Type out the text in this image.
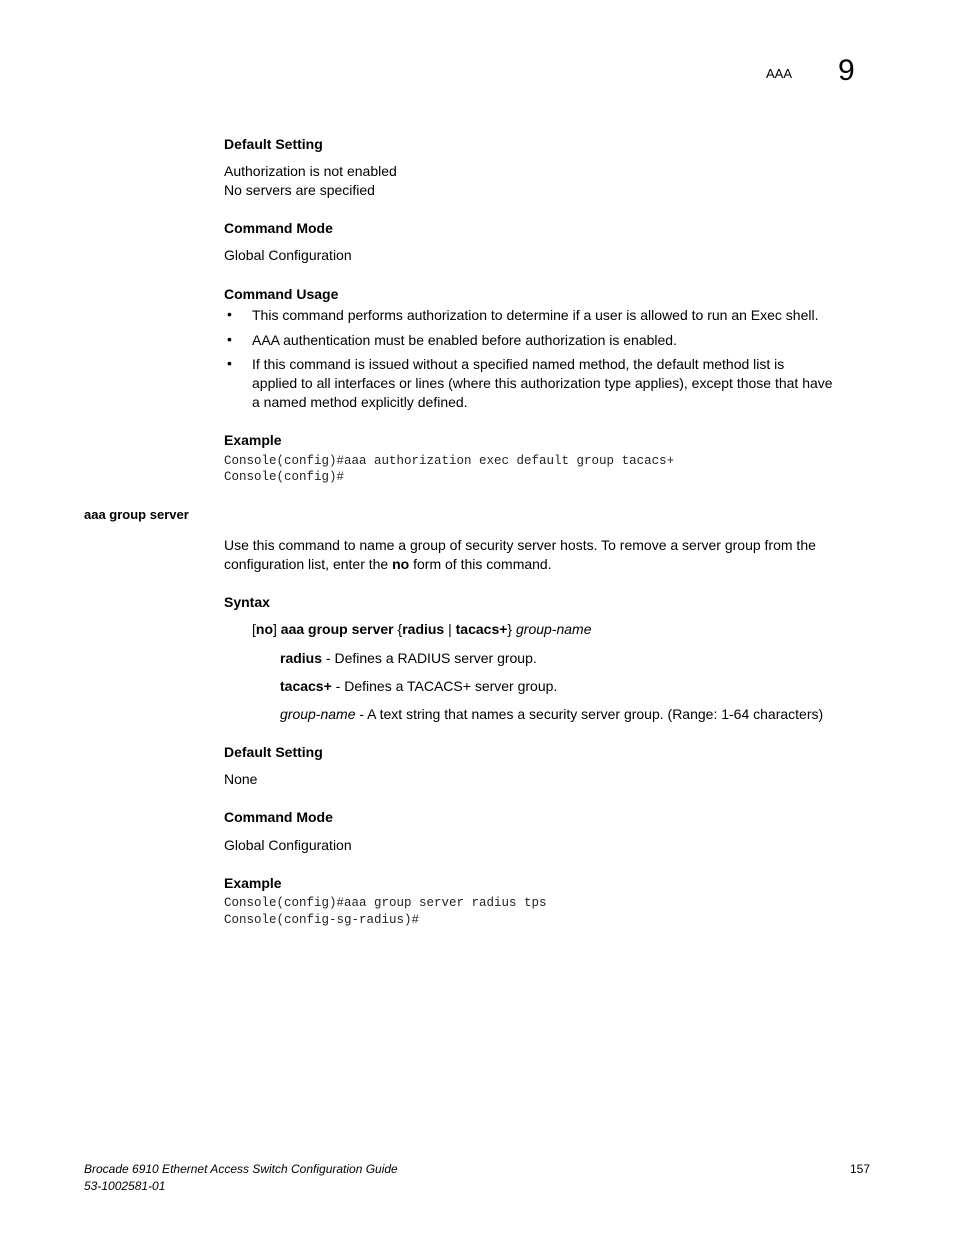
AAA 9
Default Setting
Authorization is not enabled
No servers are specified
Command Mode
Global Configuration
Command Usage
• This command performs authorization to determine if a user is allowed to run an Exec shell.
• AAA authentication must be enabled before authorization is enabled.
• If this command is issued without a specified named method, the default method list is
applied to all interfaces or lines (where this authorization type applies), except those that have
a named method explicitly defined.
Example
Console(config)#aaa authorization exec default group tacacs+
Console(config)#
aaa group server
Use this command to name a group of security server hosts. To remove a server group from the
configuration list, enter the no form of this command.
Syntax
[no] aaa group server {radius | tacacs+} group-name
radius - Defines a RADIUS server group.
tacacs+ - Defines a TACACS+ server group.
group-name - A text string that names a security server group. (Range: 1-64 characters)
Default Setting
None
Command Mode
Global Configuration
Example
Console(config)#aaa group server radius tps
Console(config-sg-radius)#
Brocade 6910 Ethernet Access Switch Configuration Guide
53-1002581-01
157
